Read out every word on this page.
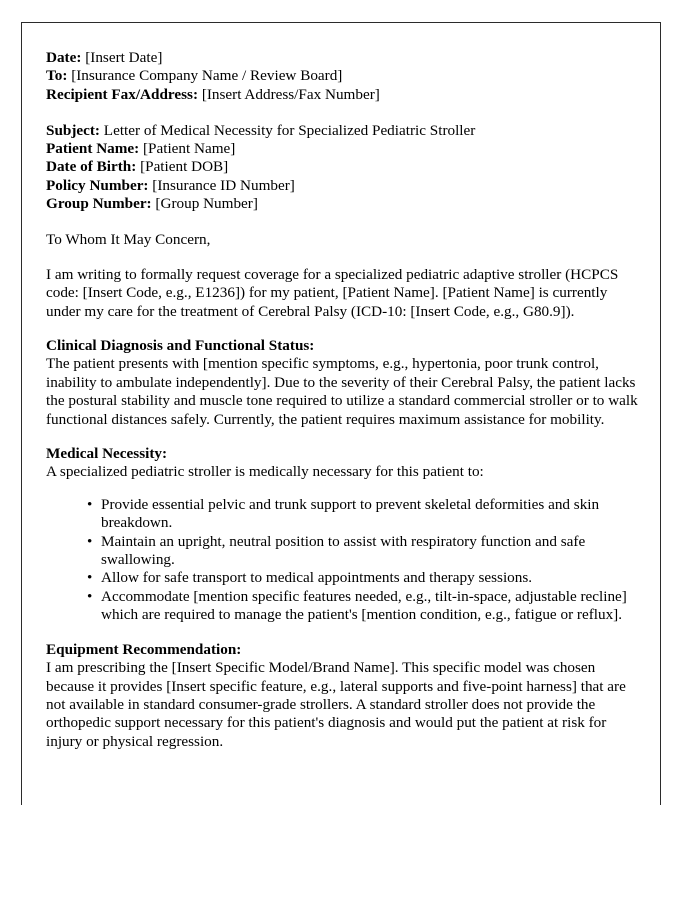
Date: [Insert Date]
To: [Insurance Company Name / Review Board]
Recipient Fax/Address: [Insert Address/Fax Number]
Subject: Letter of Medical Necessity for Specialized Pediatric Stroller
Patient Name: [Patient Name]
Date of Birth: [Patient DOB]
Policy Number: [Insurance ID Number]
Group Number: [Group Number]

To Whom It May Concern,

I am writing to formally request coverage for a specialized pediatric adaptive stroller (HCPCS code: [Insert Code, e.g., E1236]) for my patient, [Patient Name]. [Patient Name] is currently under my care for the treatment of Cerebral Palsy (ICD-10: [Insert Code, e.g., G80.9]).

Clinical Diagnosis and Functional Status:

The patient presents with [mention specific symptoms, e.g., hypertonia, poor trunk control, inability to ambulate independently]. Due to the severity of their Cerebral Palsy, the patient lacks the postural stability and muscle tone required to utilize a standard commercial stroller or to walk functional distances safely. Currently, the patient requires maximum assistance for mobility.

Medical Necessity:

A specialized pediatric stroller is medically necessary for this patient to:

• Provide essential pelvic and trunk support to prevent skeletal deformities and skin breakdown.
• Maintain an upright, neutral position to assist with respiratory function and safe swallowing.
• Allow for safe transport to medical appointments and therapy sessions.
• Accommodate [mention specific features needed, e.g., tilt-in-space, adjustable recline] which are required to manage the patient's [mention condition, e.g., fatigue or reflux].

Equipment Recommendation:

I am prescribing the [Insert Specific Model/Brand Name]. This specific model was chosen because it provides [Insert specific feature, e.g., lateral supports and five-point harness] that are not available in standard consumer-grade strollers. A standard stroller does not provide the orthopedic support necessary for this patient's diagnosis and would put the patient at risk for injury or physical regression.
